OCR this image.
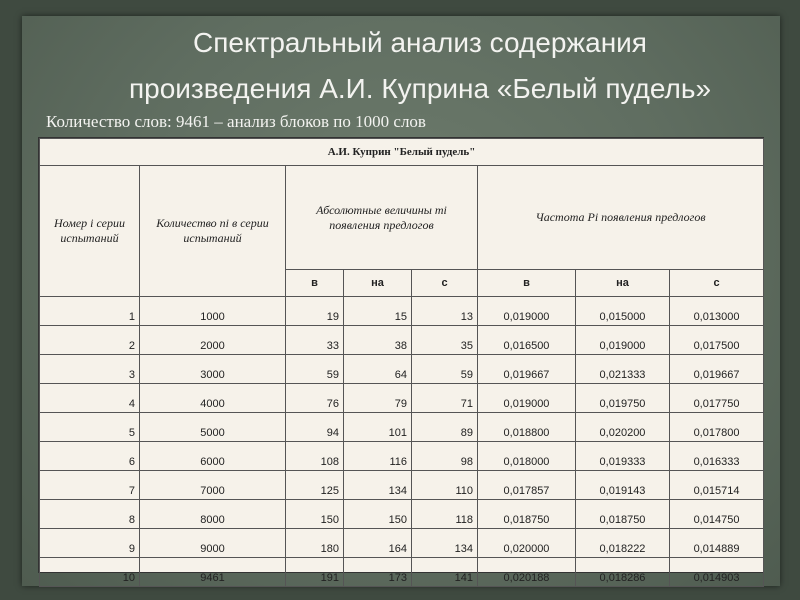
Спектральный анализ содержания
произведения А.И. Куприна «Белый пудель»
Количество слов: 9461 – анализ блоков по 1000 слов
А.И. Куприн "Белый пудель"							
Номер i серии испытаний	Количество ni в серии испытаний	Абсолютные величины mi появления предлогов			Частота Pi появления предлогов		
		в	на	с	в	на	с
1	1000	19	15	13	0,019000	0,015000	0,013000
2	2000	33	38	35	0,016500	0,019000	0,017500
3	3000	59	64	59	0,019667	0,021333	0,019667
4	4000	76	79	71	0,019000	0,019750	0,017750
5	5000	94	101	89	0,018800	0,020200	0,017800
6	6000	108	116	98	0,018000	0,019333	0,016333
7	7000	125	134	110	0,017857	0,019143	0,015714
8	8000	150	150	118	0,018750	0,018750	0,014750
9	9000	180	164	134	0,020000	0,018222	0,014889
10	9461	191	173	141	0,020188	0,018286	0,014903
